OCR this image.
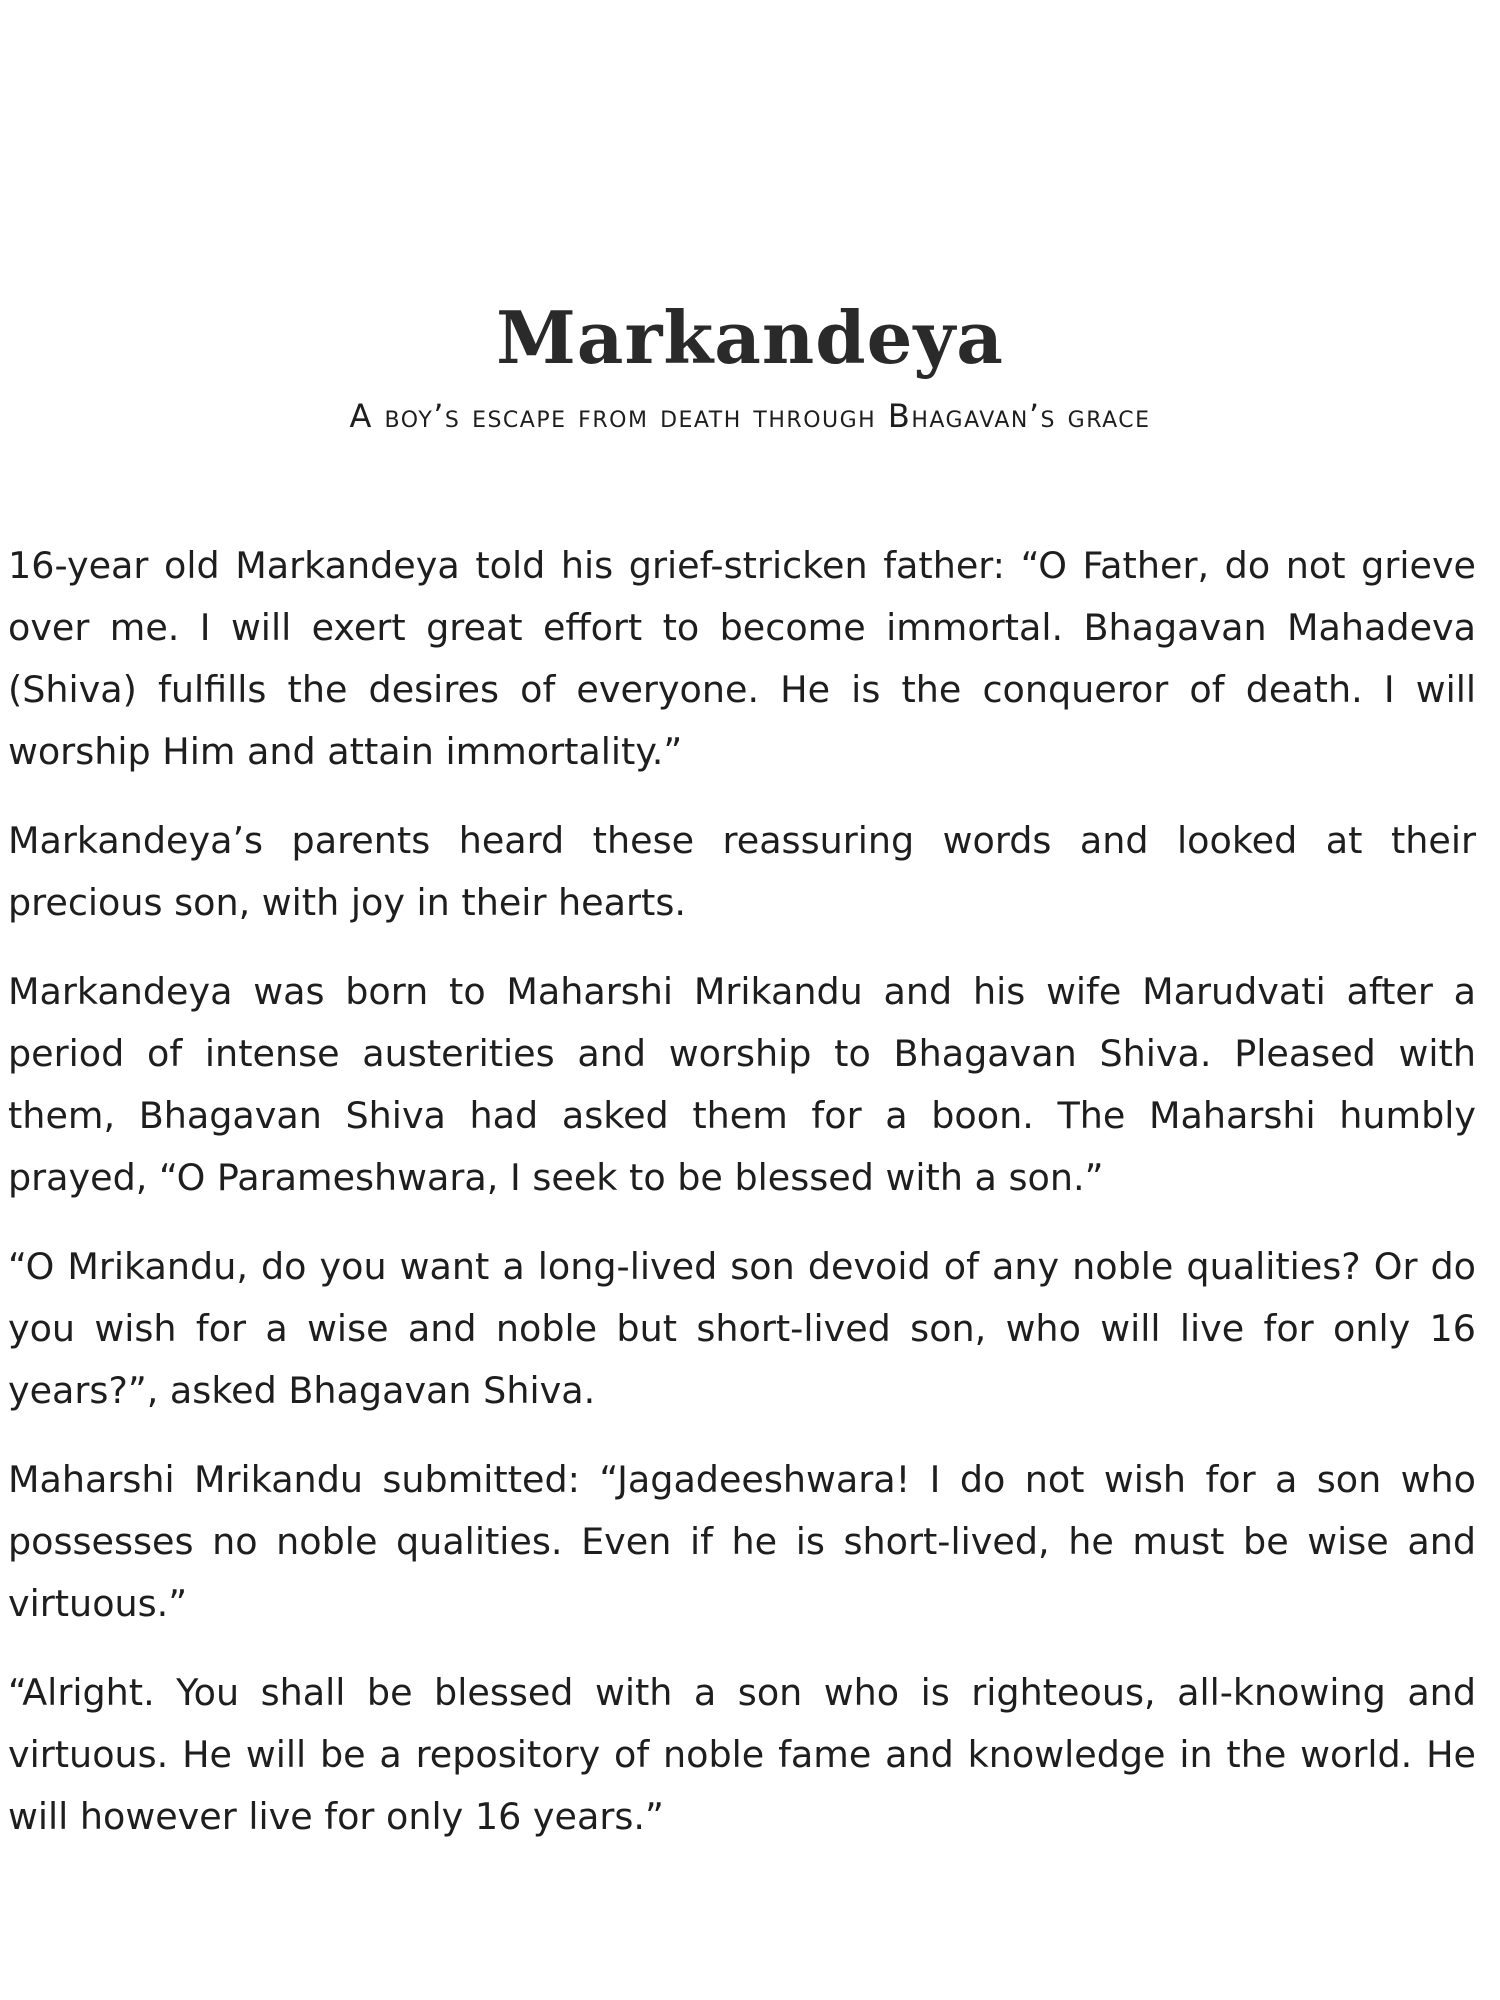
Markandeya
A boy’s escape from death through Bhagavan’s grace

16-year old Markandeya told his grief-stricken father: “O Father, do not grieve over me. I will exert great effort to become immortal. Bhagavan Mahadeva (Shiva) fulfills the desires of everyone. He is the conqueror of death. I will worship Him and attain immortality.”

Markandeya’s parents heard these reassuring words and looked at their precious son, with joy in their hearts.

Markandeya was born to Maharshi Mrikandu and his wife Marudvati after a period of intense austerities and worship to Bhagavan Shiva. Pleased with them, Bhagavan Shiva had asked them for a boon. The Maharshi humbly prayed, “O Parameshwara, I seek to be blessed with a son.”

“O Mrikandu, do you want a long-lived son devoid of any noble qualities? Or do you wish for a wise and noble but short-lived son, who will live for only 16 years?”, asked Bhagavan Shiva.

Maharshi Mrikandu submitted: “Jagadeeshwara! I do not wish for a son who possesses no noble qualities. Even if he is short-lived, he must be wise and virtuous.”

“Alright. You shall be blessed with a son who is righteous, all-knowing and virtuous. He will be a repository of noble fame and knowledge in the world. He will however live for only 16 years.”
